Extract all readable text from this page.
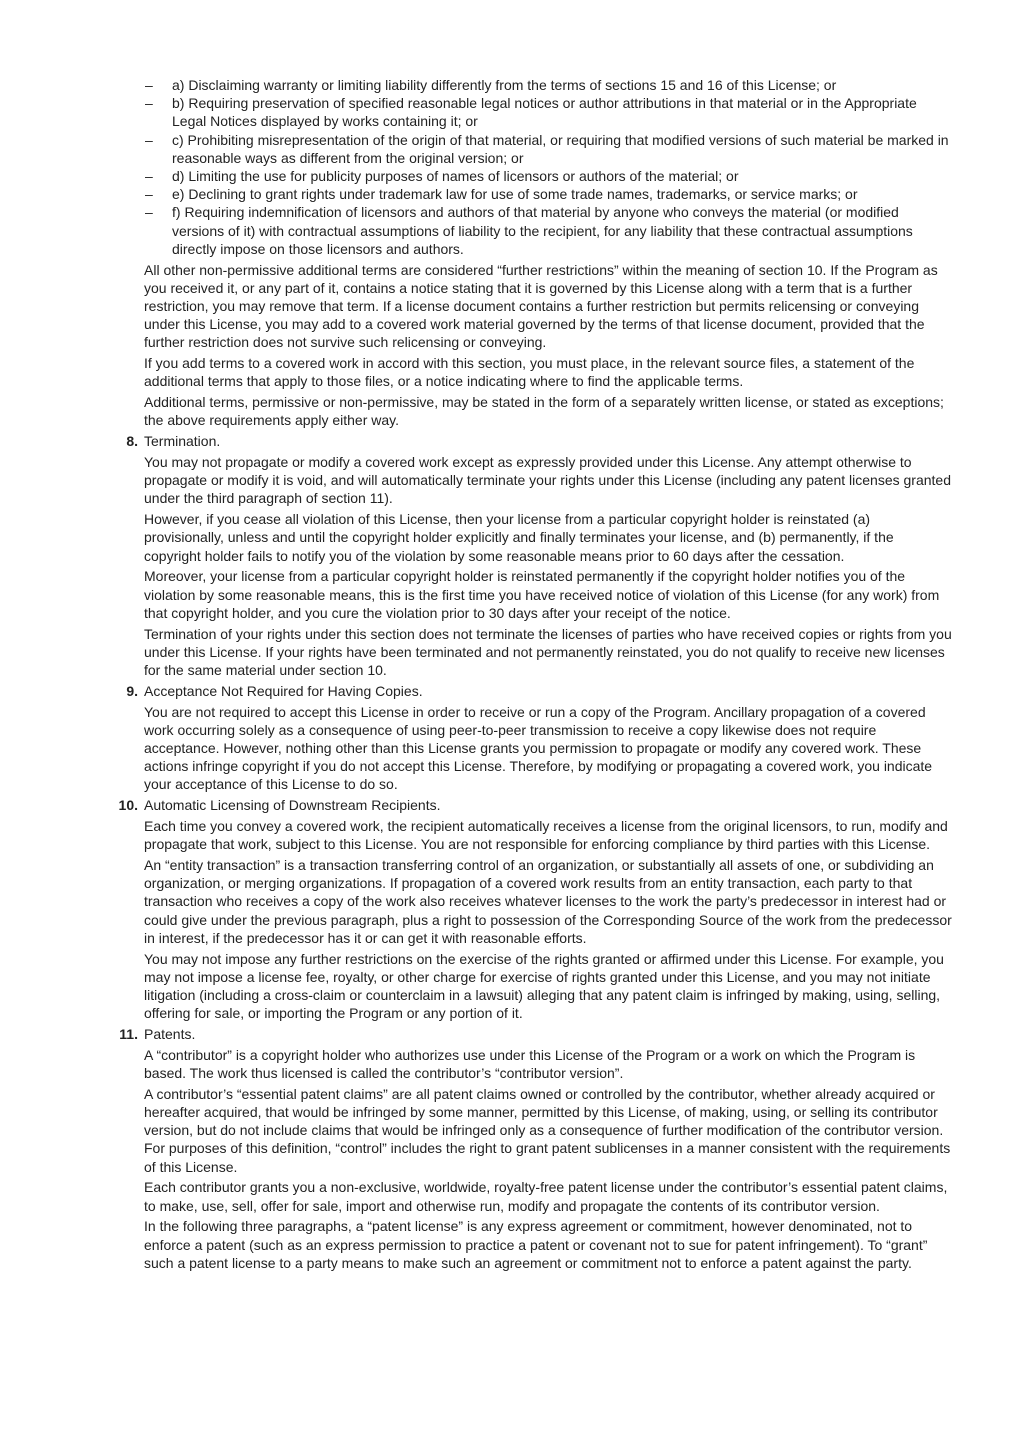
– a) Disclaiming warranty or limiting liability differently from the terms of sections 15 and 16 of this License; or
– b) Requiring preservation of specified reasonable legal notices or author attributions in that material or in the Appropriate Legal Notices displayed by works containing it; or
– c) Prohibiting misrepresentation of the origin of that material, or requiring that modified versions of such material be marked in reasonable ways as different from the original version; or
– d) Limiting the use for publicity purposes of names of licensors or authors of the material; or
– e) Declining to grant rights under trademark law for use of some trade names, trademarks, or service marks; or
– f) Requiring indemnification of licensors and authors of that material by anyone who conveys the material (or modified versions of it) with contractual assumptions of liability to the recipient, for any liability that these contractual assumptions directly impose on those licensors and authors.
All other non-permissive additional terms are considered “further restrictions” within the meaning of section 10. If the Program as you received it, or any part of it, contains a notice stating that it is governed by this License along with a term that is a further restriction, you may remove that term. If a license document contains a further restriction but permits relicensing or conveying under this License, you may add to a covered work material governed by the terms of that license document, provided that the further restriction does not survive such relicensing or conveying.
If you add terms to a covered work in accord with this section, you must place, in the relevant source files, a statement of the additional terms that apply to those files, or a notice indicating where to find the applicable terms.
Additional terms, permissive or non-permissive, may be stated in the form of a separately written license, or stated as exceptions; the above requirements apply either way.
8. Termination.
You may not propagate or modify a covered work except as expressly provided under this License. Any attempt otherwise to propagate or modify it is void, and will automatically terminate your rights under this License (including any patent licenses granted under the third paragraph of section 11).
However, if you cease all violation of this License, then your license from a particular copyright holder is reinstated (a) provisionally, unless and until the copyright holder explicitly and finally terminates your license, and (b) permanently, if the copyright holder fails to notify you of the violation by some reasonable means prior to 60 days after the cessation.
Moreover, your license from a particular copyright holder is reinstated permanently if the copyright holder notifies you of the violation by some reasonable means, this is the first time you have received notice of violation of this License (for any work) from that copyright holder, and you cure the violation prior to 30 days after your receipt of the notice.
Termination of your rights under this section does not terminate the licenses of parties who have received copies or rights from you under this License. If your rights have been terminated and not permanently reinstated, you do not qualify to receive new licenses for the same material under section 10.
9. Acceptance Not Required for Having Copies.
You are not required to accept this License in order to receive or run a copy of the Program. Ancillary propagation of a covered work occurring solely as a consequence of using peer-to-peer transmission to receive a copy likewise does not require acceptance. However, nothing other than this License grants you permission to propagate or modify any covered work. These actions infringe copyright if you do not accept this License. Therefore, by modifying or propagating a covered work, you indicate your acceptance of this License to do so.
10. Automatic Licensing of Downstream Recipients.
Each time you convey a covered work, the recipient automatically receives a license from the original licensors, to run, modify and propagate that work, subject to this License. You are not responsible for enforcing compliance by third parties with this License.
An “entity transaction” is a transaction transferring control of an organization, or substantially all assets of one, or subdividing an organization, or merging organizations. If propagation of a covered work results from an entity transaction, each party to that transaction who receives a copy of the work also receives whatever licenses to the work the party’s predecessor in interest had or could give under the previous paragraph, plus a right to possession of the Corresponding Source of the work from the predecessor in interest, if the predecessor has it or can get it with reasonable efforts.
You may not impose any further restrictions on the exercise of the rights granted or affirmed under this License. For example, you may not impose a license fee, royalty, or other charge for exercise of rights granted under this License, and you may not initiate litigation (including a cross-claim or counterclaim in a lawsuit) alleging that any patent claim is infringed by making, using, selling, offering for sale, or importing the Program or any portion of it.
11. Patents.
A “contributor” is a copyright holder who authorizes use under this License of the Program or a work on which the Program is based. The work thus licensed is called the contributor’s “contributor version”.
A contributor’s “essential patent claims” are all patent claims owned or controlled by the contributor, whether already acquired or hereafter acquired, that would be infringed by some manner, permitted by this License, of making, using, or selling its contributor version, but do not include claims that would be infringed only as a consequence of further modification of the contributor version. For purposes of this definition, “control” includes the right to grant patent sublicenses in a manner consistent with the requirements of this License.
Each contributor grants you a non-exclusive, worldwide, royalty-free patent license under the contributor’s essential patent claims, to make, use, sell, offer for sale, import and otherwise run, modify and propagate the contents of its contributor version.
In the following three paragraphs, a “patent license” is any express agreement or commitment, however denominated, not to enforce a patent (such as an express permission to practice a patent or covenant not to sue for patent infringement). To “grant” such a patent license to a party means to make such an agreement or commitment not to enforce a patent against the party.
